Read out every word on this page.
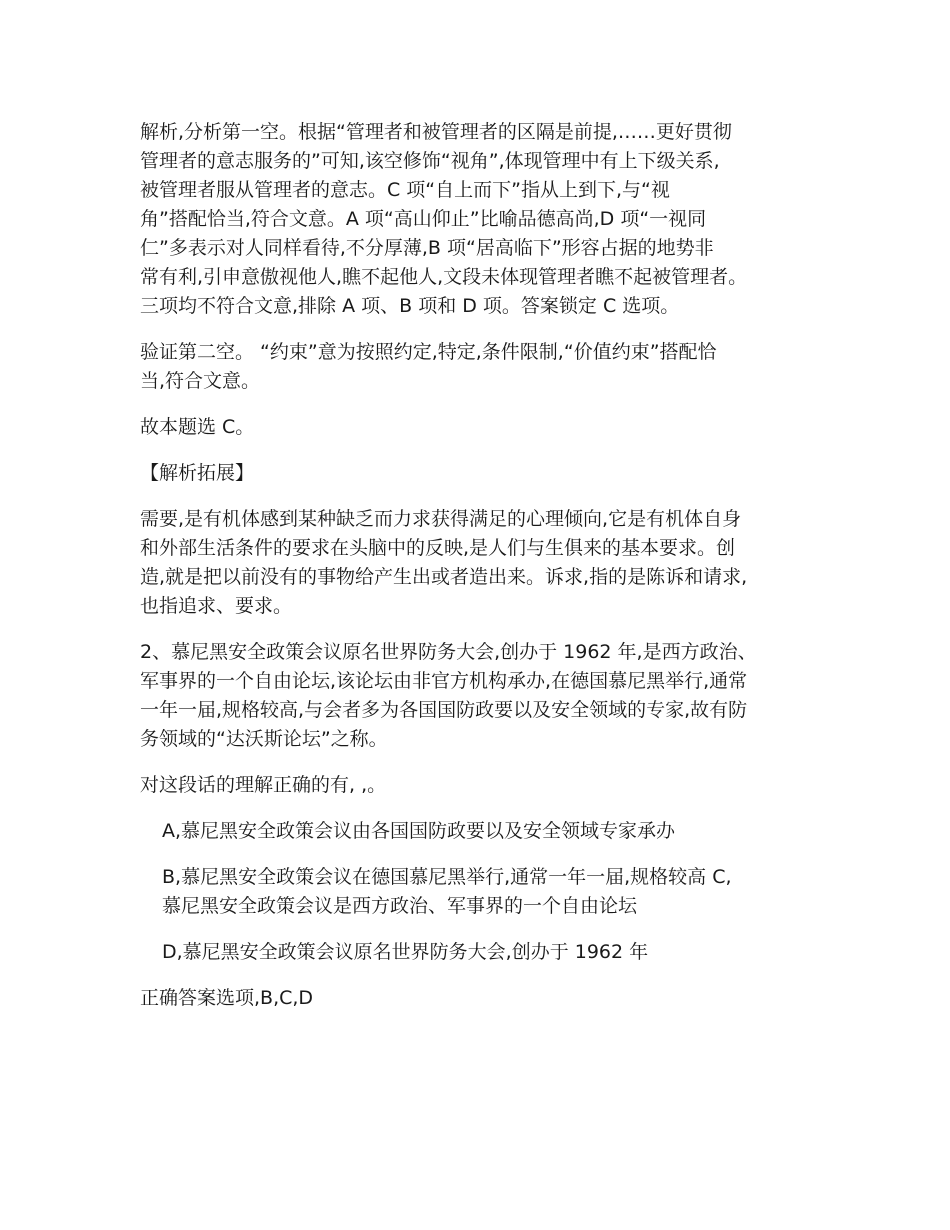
解析,分析第一空。根据“管理者和被管理者的区隔是前提,……更好贯彻
管理者的意志服务的”可知,该空修饰“视角”,体现管理中有上下级关系,
被管理者服从管理者的意志。C 项“自上而下”指从上到下,与“视
角”搭配恰当,符合文意。A 项“高山仰止”比喻品德高尚,D 项“一视同
仁”多表示对人同样看待,不分厚薄,B 项“居高临下”形容占据的地势非
常有利,引申意傲视他人,瞧不起他人,文段未体现管理者瞧不起被管理者。
三项均不符合文意,排除 A 项、B 项和 D 项。答案锁定 C 选项。

验证第二空。 “约束”意为按照约定,特定,条件限制,“价值约束”搭配恰
当,符合文意。

故本题选 C。

【解析拓展】

需要,是有机体感到某种缺乏而力求获得满足的心理倾向,它是有机体自身
和外部生活条件的要求在头脑中的反映,是人们与生俱来的基本要求。创
造,就是把以前没有的事物给产生出或者造出来。诉求,指的是陈诉和请求,
也指追求、要求。

2、慕尼黑安全政策会议原名世界防务大会,创办于 1962 年,是西方政治、
军事界的一个自由论坛,该论坛由非官方机构承办,在德国慕尼黑举行,通常
一年一届,规格较高,与会者多为各国国防政要以及安全领域的专家,故有防
务领域的“达沃斯论坛”之称。

对这段话的理解正确的有, ,。

A,慕尼黑安全政策会议由各国国防政要以及安全领域专家承办

B,慕尼黑安全政策会议在德国慕尼黑举行,通常一年一届,规格较高 C,
慕尼黑安全政策会议是西方政治、军事界的一个自由论坛

D,慕尼黑安全政策会议原名世界防务大会,创办于 1962 年

正确答案选项,B,C,D
